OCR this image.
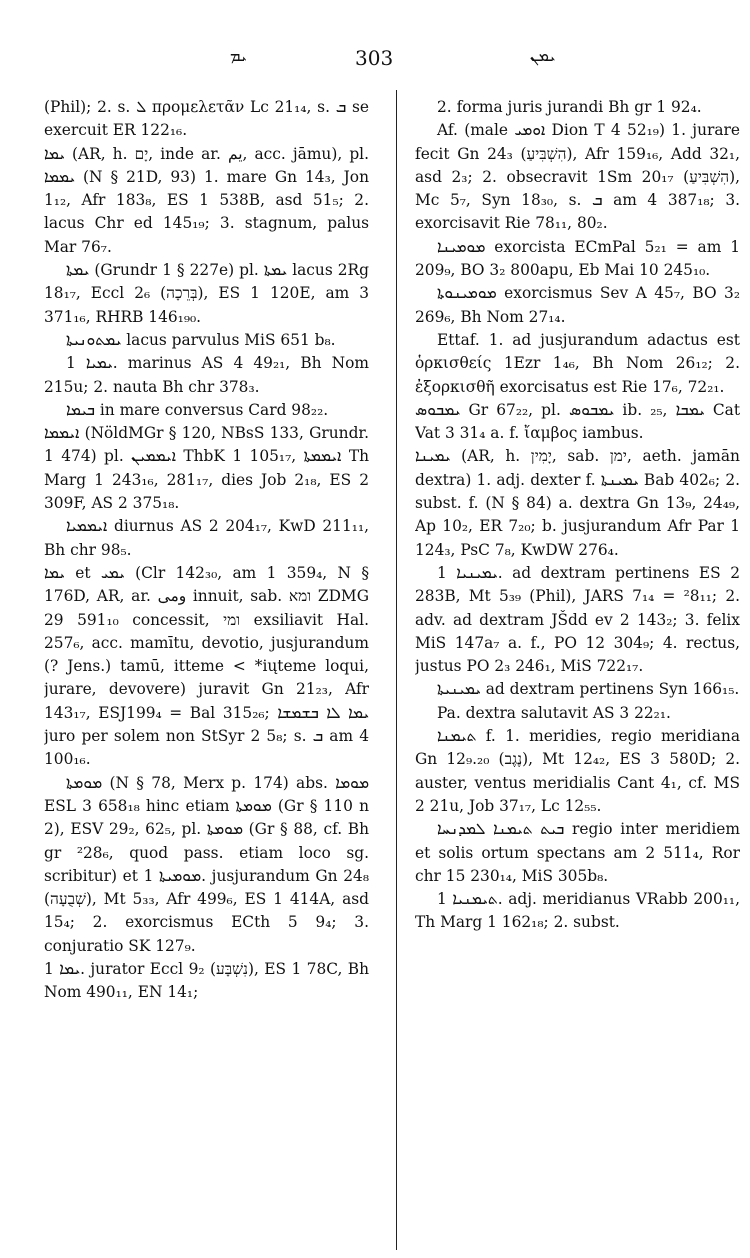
ܝܡ	303	ܝܡܢ

(Phil); 2. s. ܠ προμελετᾶν Lc 21₁₄, s. ܒ se exercuit ER 122₁₆.

ܝܡܐ (AR, h. יָם, inde ar. يم, acc. jāmu), pl. ܝܡܡܐ (N § 21D, 93) 1. mare Gn 14₃, Jon 1₁₂, Afr 183₈, ES 1 538B, asd 51₅; 2. lacus Chr ed 145₁₉; 3. stagnum, palus Mar 76₇.

ܝܡܬܐ (Grundr 1 § 227e) pl. ܝܡܬܐ lacus 2Rg 18₁₇, Eccl 2₆ (בְּרֵכָה), ES 1 120E, am 3 371₁₆, RHRB 146₁₉₀.

ܝܡܬܘܢܝܬܐ lacus parvulus MiS 651 b₈.

ܝܡܝܐ 1. marinus AS 4 49₂₁, Bh Nom 215u; 2. nauta Bh chr 378₃.

ܒܝܡܐ in mare conversus Card 98₂₂.

ܐܝܡܡܐ (NöldMGr § 120, NBsS 133, Grundr. 1 474) pl. ܐܝܡܡܝܢ ThbK 1 105₁₇, ܐܝܡܡܬܐ Th Marg 1 243₁₆, 281₁₇, dies Job 2₁₈, ES 2 309F, AS 2 375₁₈.

ܐܝܡܡܝܐ diurnus AS 2 204₁₇, KwD 211₁₁, Bh chr 98₅.

ܝܡܐ et ܝܡܝ (Clr 142₃₀, am 1 359₄, N § 176D, AR, ar. ومى innuit, sab. ומא ZDMG 29 591₁₀ concessit, ומי exsiliavit Hal. 257₆, acc. mamītu, devotio, jusjurandum (? Jens.) tamū, itteme < *iųteme loqui, jurare, devovere) juravit Gn 21₂₃, Afr 143₁₇, ESJ199₄ = Bal 315₂₆; ܝܡܐ ܠܐ ܒܫܡܫܐ juro per solem non StSyr 2 5₈; s. ܒ am 4 100₁₆.

ܡܘܡܬܐ (N § 78, Merx p. 174) abs. ܡܘܡܐ ESL 3 658₁₈ hinc etiam ܡܘܡܬܐ (Gr § 110 n 2), ESV 29₂, 62₅, pl. ܡܘܡܬܐ (Gr § 88, cf. Bh gr ²28₆, quod pass. etiam loco sg. scribitur) et ܡܘܡܝܬܐ 1. jusjurandum Gn 24₈ (שְׁבֻעָה), Mt 5₃₃, Afr 499₆, ES 1 414A, asd 15₄; 2. exorcismus ECth 5 9₄; 3. conjuratio SK 127₉.

ܝܡܐ 1. jurator Eccl 9₂ (נִשְׁבָּע), ES 1 78C, Bh Nom 490₁₁, EN 14₁;

2. forma juris jurandi Bh gr 1 92₄.

Af. (male ܐܘܡܝ Dion T 4 52₁₉) 1. jurare fecit Gn 24₃ (הִשְׁבִּיעַ), Afr 159₁₆, Add 32₁, asd 2₃; 2. obsecravit 1Sm 20₁₇ (הִשְׁבִּיעַ), Mc 5₇, Syn 18₃₀, s. ܒ am 4 387₁₈; 3. exorcisavit Rie 78₁₁, 80₂.

ܡܘܡܝܢܐ exorcista ECmPal 5₂₁ = am 1 209₉, BO 3₂ 800apu, Eb Mai 10 245₁₀.

ܡܘܡܝܢܘܬܐ exorcismus Sev A 45₇, BO 3₂ 269₆, Bh Nom 27₁₄.

Ettaf. 1. ad jusjurandum adactus est ὁρκισθείς 1Ezr 1₄₆, Bh Nom 26₁₂; 2. ἐξορκισθῆ exorcisatus est Rie 17₆, 72₂₁.

ܝܡܒܘܣ Gr 67₂₂, pl. ܝܡܒܘܣ ib. ₂₅, ܝܡܒܐ Cat Vat 3 31₄ a. f. ἴαμβος iambus.

ܝܡܝܢܐ (AR, h. יָמִין, sab. ימן, aeth. jamān dextra) 1. adj. dexter f. ܝܡܝܢܬܐ Bab 402₆; 2. subst. f. (N § 84) a. dextra Gn 13₉, 24₄₉, Ap 10₂, ER 7₂₀; b. jusjurandum Afr Par 1 124₃, PsC 7₈, KwDW 276₄.

ܝܡܝܢܝܐ 1. ad dextram pertinens ES 2 283B, Mt 5₃₉ (Phil), JARS 7₁₄ = ²8₁₁; 2. adv. ad dextram JŠdd ev 2 143₂; 3. felix MiS 147a₇ a. f., PO 12 304₉; 4. rectus, justus PO 2₃ 246₁, MiS 722₁₇.

ܝܡܝܢܝܬܐ ad dextram pertinens Syn 166₁₅.

Pa. dextra salutavit AS 3 22₂₁.

ܬܝܡܢܐ f. 1. meridies, regio meridiana Gn 12₉.₂₀ (נֶגֶב), Mt 12₄₂, ES 3 580D; 2. auster, ventus meridialis Cant 4₁, cf. MS 2 21u, Job 37₁₇, Lc 12₅₅.

ܒܝܬ ܬܝܡܢܐ ܠܡܕܢܚܐ regio inter meridiem et solis ortum spectans am 2 511₄, Ror chr 15 230₁₄, MiS 305b₈.

ܬܝܡܢܝܐ 1. adj. meridianus VRabb 200₁₁, Th Marg 1 162₁₈; 2. subst.
